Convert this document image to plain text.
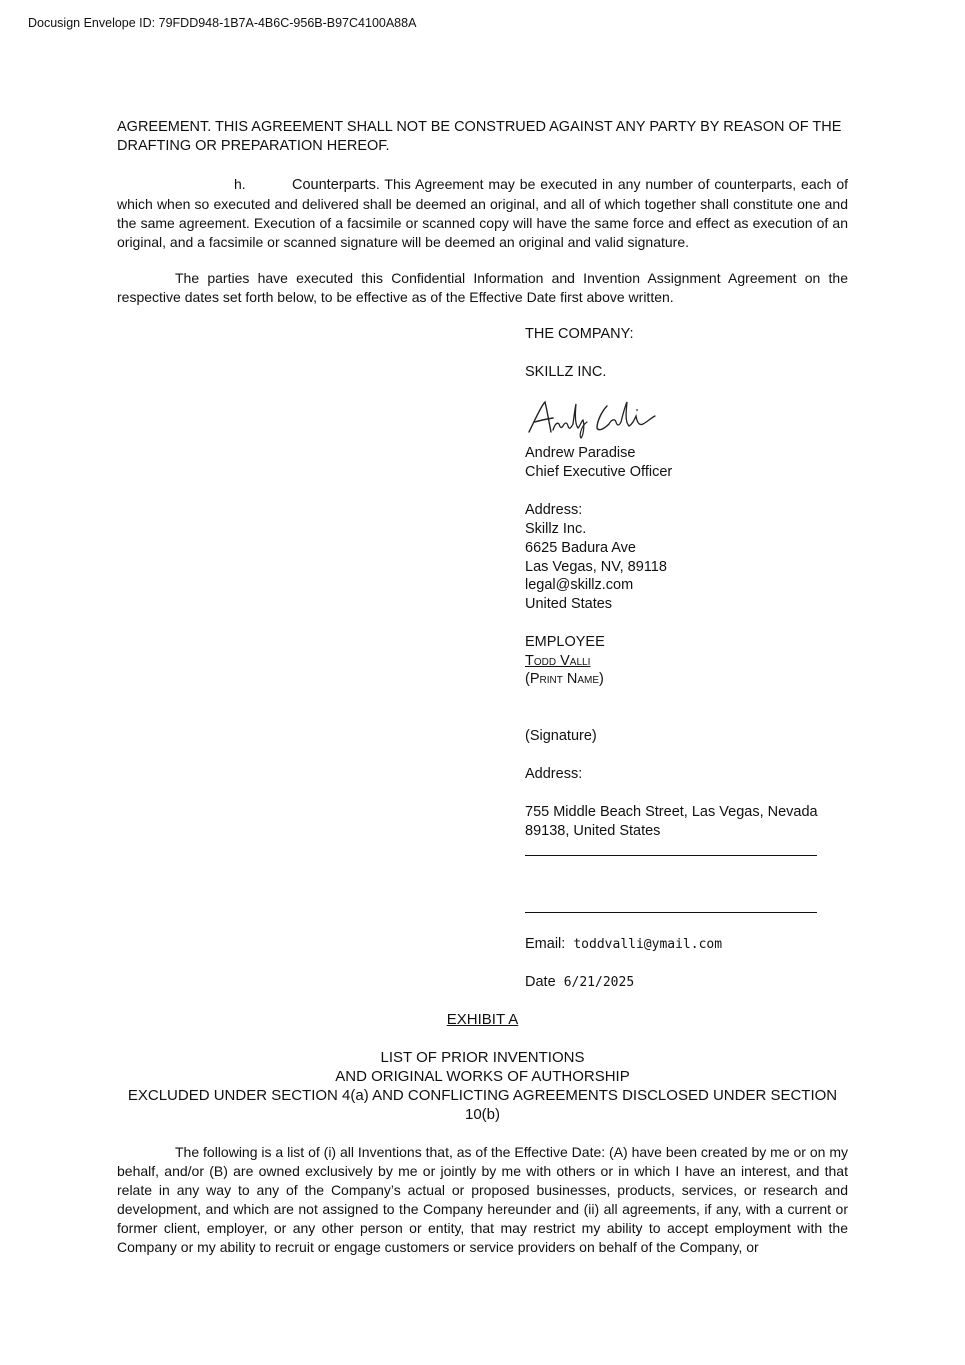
Docusign Envelope ID: 79FDD948-1B7A-4B6C-956B-B97C4100A88A

AGREEMENT. THIS AGREEMENT SHALL NOT BE CONSTRUED AGAINST ANY PARTY BY REASON OF THE DRAFTING OR PREPARATION HEREOF.

h.	Counterparts. This Agreement may be executed in any number of counterparts, each of which when so executed and delivered shall be deemed an original, and all of which together shall constitute one and the same agreement. Execution of a facsimile or scanned copy will have the same force and effect as execution of an original, and a facsimile or scanned signature will be deemed an original and valid signature.

The parties have executed this Confidential Information and Invention Assignment Agreement on the respective dates set forth below, to be effective as of the Effective Date first above written.

THE COMPANY:
SKILLZ INC.
Andrew Paradise
Chief Executive Officer
Address:
Skillz Inc.
6625 Badura Ave
Las Vegas, NV, 89118
legal@skillz.com
United States
EMPLOYEE
Todd Valli
(Print Name)
(Signature)
Address:
755 Middle Beach Street, Las Vegas, Nevada
89138, United States
Email: toddvalli@ymail.com
Date 6/21/2025
EXHIBIT A
LIST OF PRIOR INVENTIONS
AND ORIGINAL WORKS OF AUTHORSHIP
EXCLUDED UNDER SECTION 4(a) AND CONFLICTING AGREEMENTS DISCLOSED UNDER SECTION 10(b)

The following is a list of (i) all Inventions that, as of the Effective Date: (A) have been created by me or on my behalf, and/or (B) are owned exclusively by me or jointly by me with others or in which I have an interest, and that relate in any way to any of the Company’s actual or proposed businesses, products, services, or research and development, and which are not assigned to the Company hereunder and (ii) all agreements, if any, with a current or former client, employer, or any other person or entity, that may restrict my ability to accept employment with the Company or my ability to recruit or engage customers or service providers on behalf of the Company, or
